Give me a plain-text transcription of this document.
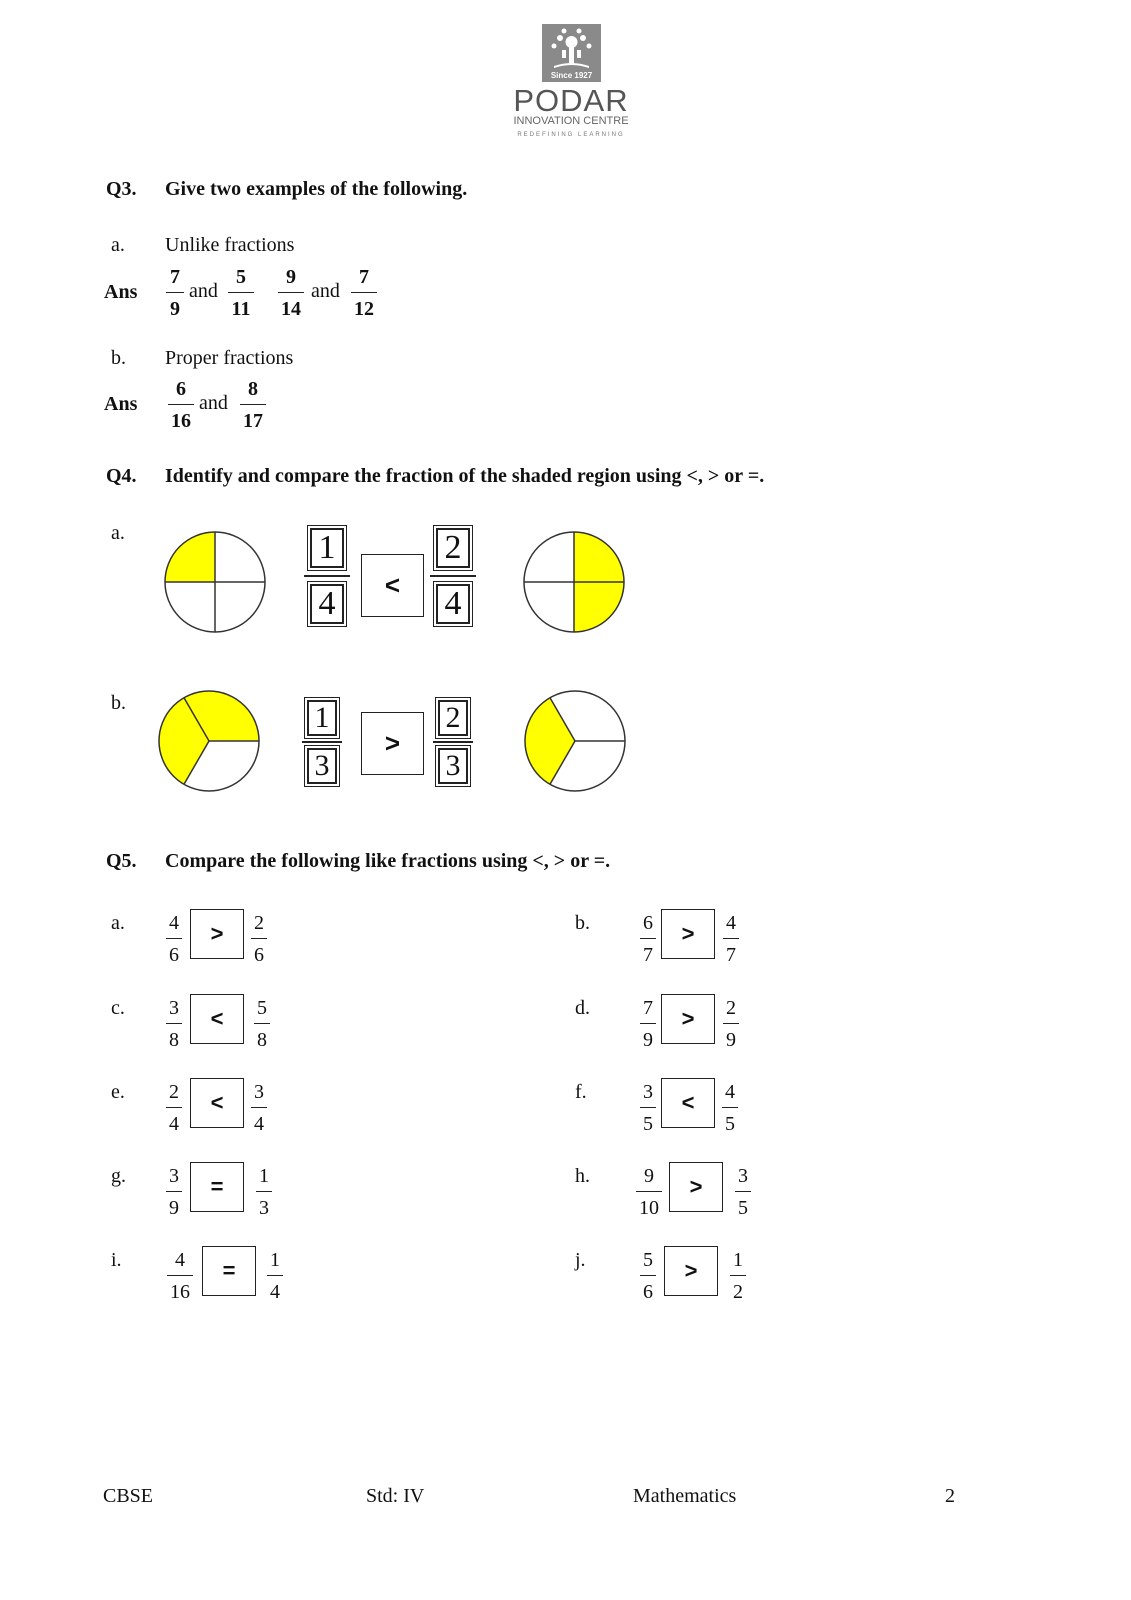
Since 1927
PODAR
INNOVATION CENTRE
REDEFINING LEARNING
Q3. Give two examples of the following.
a. Unlike fractions
Ans
7
9
and
5
11
9
14
and
7
12
b. Proper fractions
Ans
6
16
and
8
17
Q4. Identify and compare the fraction of the shaded region using <, > or =.
a.	$\frac{1}{4}$	< $\frac{2}{4}$
b.	$\frac{1}{3}$	>	$\frac{2}{3}$
Q5. Compare the following like fractions using <, > or =.
a. 4
6
>	2
6
b.	6
7
>	4
7
c. 3
8
<	5
8
d.	7
9
>	2
9
e. 2
4
<	3
4
f.	3
5
<	4
5
g. 3
9
=	1
3
h.	9
10
>	3
5
i.	4
16
=	1
4
j.	5
6
>	1
2
CBSE	Std: IV	Mathematics	2
